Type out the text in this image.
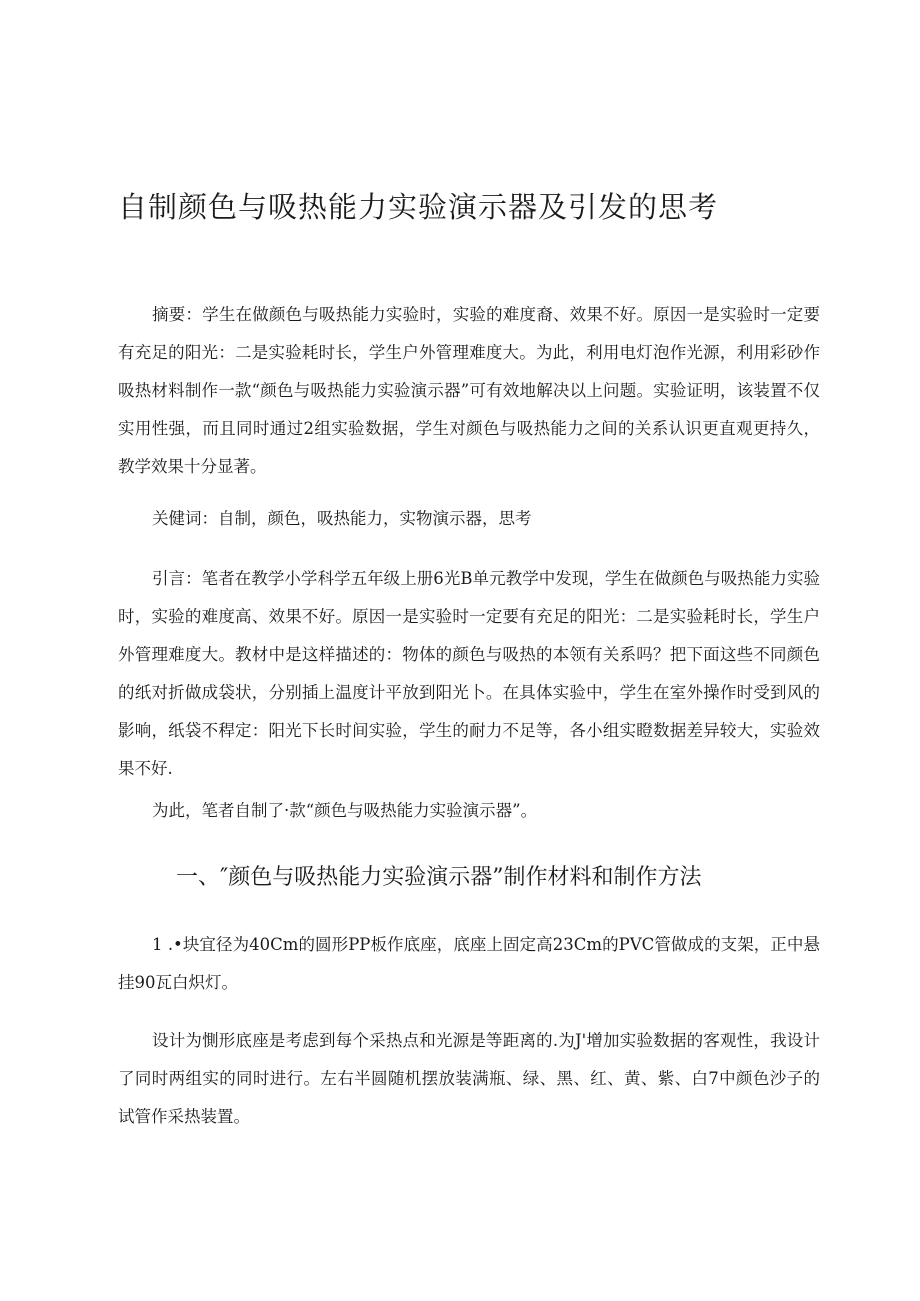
自制颜色与吸热能力实验演示器及引发的思考

摘要：学生在做颜色与吸热能力实验时，实验的难度裔、效果不好。原因一是实验时一定要有充足的阳光：二是实验耗时长，学生户外管理难度大。为此，利用电灯泡作光源，利用彩砂作吸热材料制作一款“颜色与吸热能力实验演示器”可有效地解决以上问题。实验证明，该装置不仅实用性强，而且同时通过2组实验数据，学生对颜色与吸热能力之间的关系认识更直观更持久，教学效果十分显著。

关健词：自制，颜色，吸热能力，实物演示器，思考

引言：笔者在教学小学科学五年级上册6光B单元教学中发现，学生在做颜色与吸热能力实验时，实验的难度高、效果不好。原因一是实验时一定要有充足的阳光：二是实验耗时长，学生户外管理难度大。教材中是这样描述的：物体的颜色与吸热的本领有关系吗？把下面这些不同颜色的纸对折做成袋状，分别插上温度计平放到阳光卜。在具体实验中，学生在室外操作时受到风的影响，纸袋不稈定：阳光下长时间实验，学生的耐力不足等，各小组实瞪数据差异较大，实验效果不好.

为此，笔者自制了·款“颜色与吸热能力实验演示器”。

一、″颜色与吸热能力实验演示器”制作材料和制作方法

1 .•块宜径为40Cm的圆形PP板作底座，底座上固定高23Cm的PVC管做成的支架，正中悬挂90瓦白炽灯。

设计为惻形底座是考虑到每个采热点和光源是等距离的.为J'增加实验数据的客观性，我设计了同时两组实的同时进行。左右半圆随机摆放装满瓶、绿、黑、红、黄、紫、白7中颜色沙子的试管作采热装置。
